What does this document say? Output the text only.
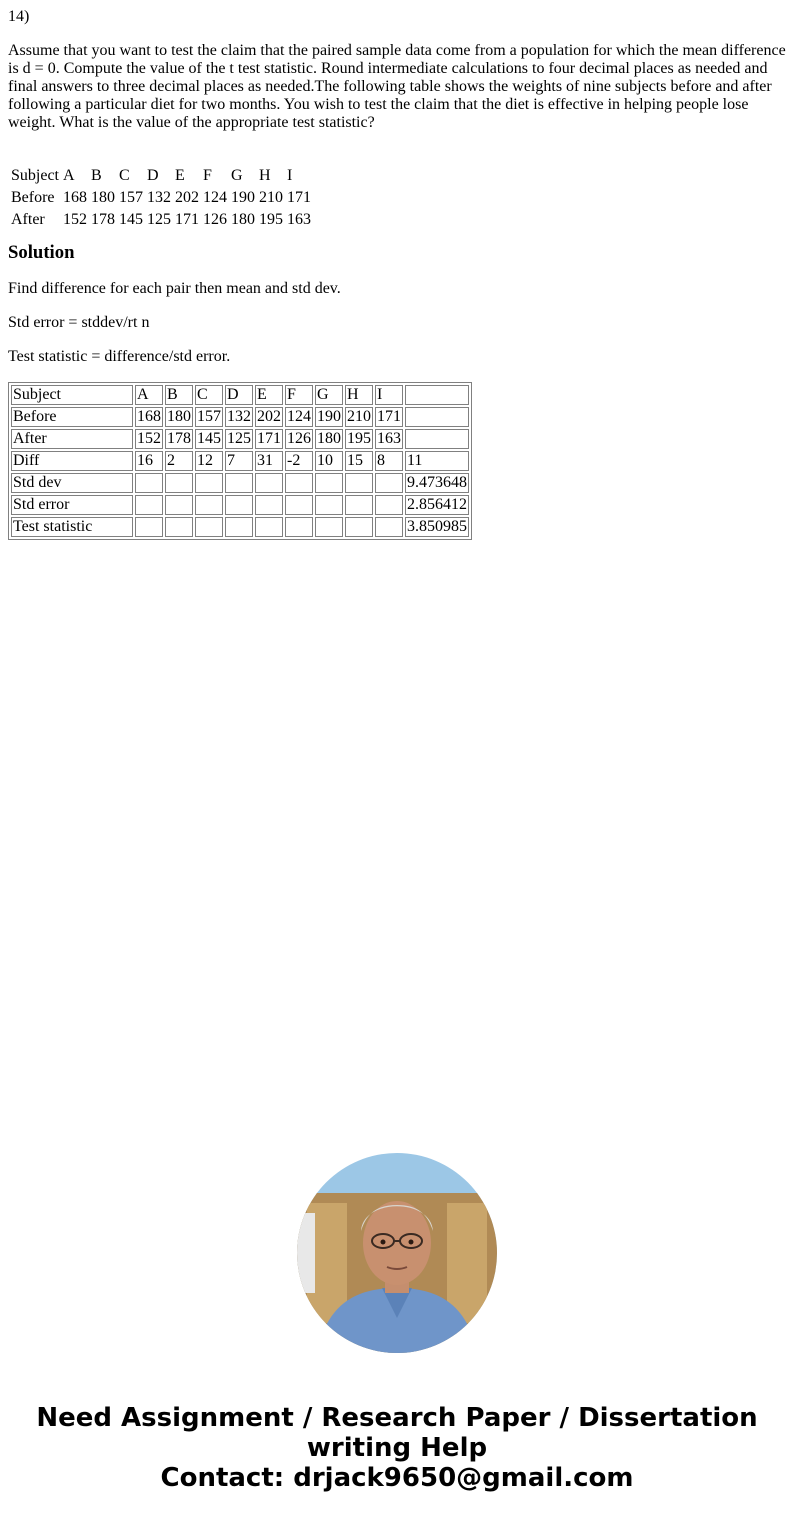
14)

Assume that you want to test the claim that the paired sample data come from a population for which the mean difference is d = 0. Compute the value of the t test statistic. Round intermediate calculations to four decimal places as needed and final answers to three decimal places as needed.The following table shows the weights of nine subjects before and after following a particular diet for two months. You wish to test the claim that the diet is effective in helping people lose weight. What is the value of the appropriate test statistic?

Subject	A	B	C	D	E	F	G	H	I
Before	168	180	157	132	202	124	190	210	171
After	152	178	145	125	171	126	180	195	163
Solution

Find difference for each pair then mean and std dev.

Std error = stddev/rt n

Test statistic = difference/std error.

Subject	A	B	C	D	E	F	G	H	I	
Before	168	180	157	132	202	124	190	210	171	
After	152	178	145	125	171	126	180	195	163	
Diff	16	2	12	7	31	-2	10	15	8	11
Std dev										9.473648
Std error										2.856412
Test statistic										3.850985
Need Assignment / Research Paper / Dissertation
writing Help
Contact: drjack9650@gmail.com
